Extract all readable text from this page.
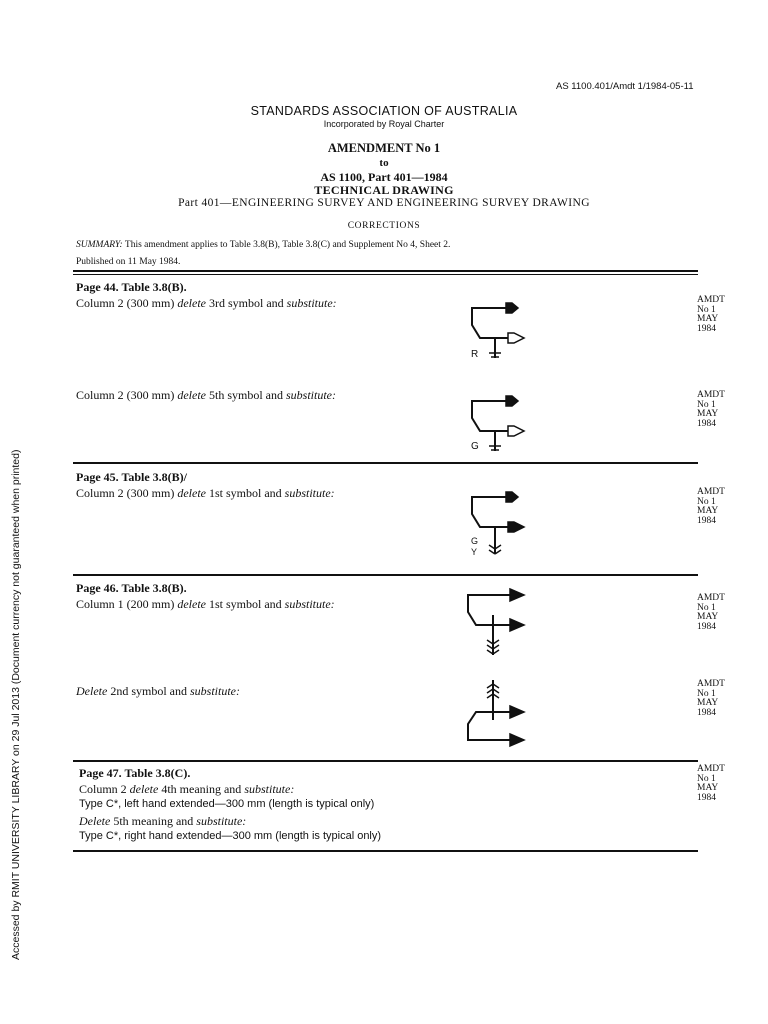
AS 1100.401/Amdt 1/1984-05-11
STANDARDS ASSOCIATION OF AUSTRALIA
Incorporated by Royal Charter
AMENDMENT No 1
to
AS 1100, Part 401—1984
TECHNICAL DRAWING
Part 401—ENGINEERING SURVEY AND ENGINEERING SURVEY DRAWING
CORRECTIONS
SUMMARY: This amendment applies to Table 3.8(B), Table 3.8(C) and Supplement No 4, Sheet 2.
Published on 11 May 1984.
Page 44. Table 3.8(B).
Column 2 (300 mm) delete 3rd symbol and substitute:
R
AMDT
No 1
MAY
1984
Column 2 (300 mm) delete 5th symbol and substitute:
G
AMDT
No 1
MAY
1984
Page 45. Table 3.8(B)/
Column 2 (300 mm) delete 1st symbol and substitute:
G
Y
AMDT
No 1
MAY
1984
Page 46. Table 3.8(B).
Column 1 (200 mm) delete 1st symbol and substitute:	AMDT
No 1
MAY
1984
Delete 2nd symbol and substitute:	AMDT
No 1
MAY
1984
Page 47. Table 3.8(C).
Column 2 delete 4th meaning and substitute:
Type C*, left hand extended—300 mm (length is typical only)
Delete 5th meaning and substitute:
Type C*, right hand extended—300 mm (length is typical only)
AMDT
No 1
MAY
1984
Accessed by RMIT UNIVERSITY LIBRARY on 29 Jul 2013 (Document currency not guaranteed when printed)
